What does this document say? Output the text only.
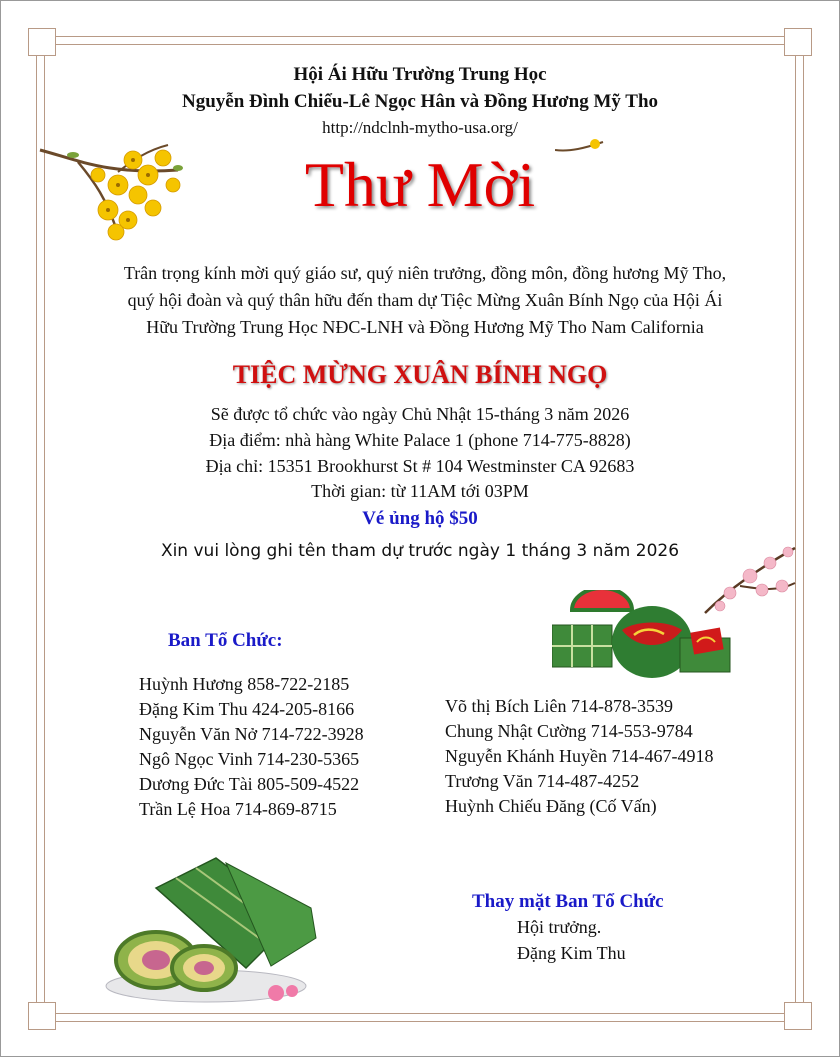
Hội Ái Hữu Trường Trung Học
Nguyễn Đình Chiểu-Lê Ngọc Hân và Đồng Hương Mỹ Tho
http://ndclnh-mytho-usa.org/
Thư Mời
Trân trọng kính mời quý giáo sư, quý niên trưởng, đồng môn, đồng hương Mỹ Tho,
quý hội đoàn và quý thân hữu đến tham dự Tiệc Mừng Xuân Bính Ngọ của Hội Ái
Hữu Trường Trung Học NĐC-LNH và Đồng Hương Mỹ Tho Nam California
TIỆC MỪNG XUÂN BÍNH NGỌ
Sẽ được tổ chức vào ngày Chủ Nhật 15-tháng 3 năm 2026
Địa điểm: nhà hàng White Palace 1 (phone 714-775-8828)
Địa chỉ: 15351 Brookhurst St # 104 Westminster CA 92683
Thời gian: từ 11AM tới 03PM
Vé ủng hộ $50
Xin vui lòng ghi tên tham dự trước ngày 1 tháng 3 năm 2026
Ban Tổ Chức:
Huỳnh Hương 858-722-2185
Đặng Kim Thu 424-205-8166
Nguyễn Văn Nở 714-722-3928
Ngô Ngọc Vinh 714-230-5365
Dương Đức Tài 805-509-4522
Trần Lệ Hoa 714-869-8715
Võ thị Bích Liên 714-878-3539
Chung Nhật Cường 714-553-9784
Nguyễn Khánh Huyền 714-467-4918
Trương Văn 714-487-4252
Huỳnh Chiếu Đăng (Cố Vấn)
Thay mặt Ban Tổ Chức
Hội trưởng.
Đặng Kim Thu
